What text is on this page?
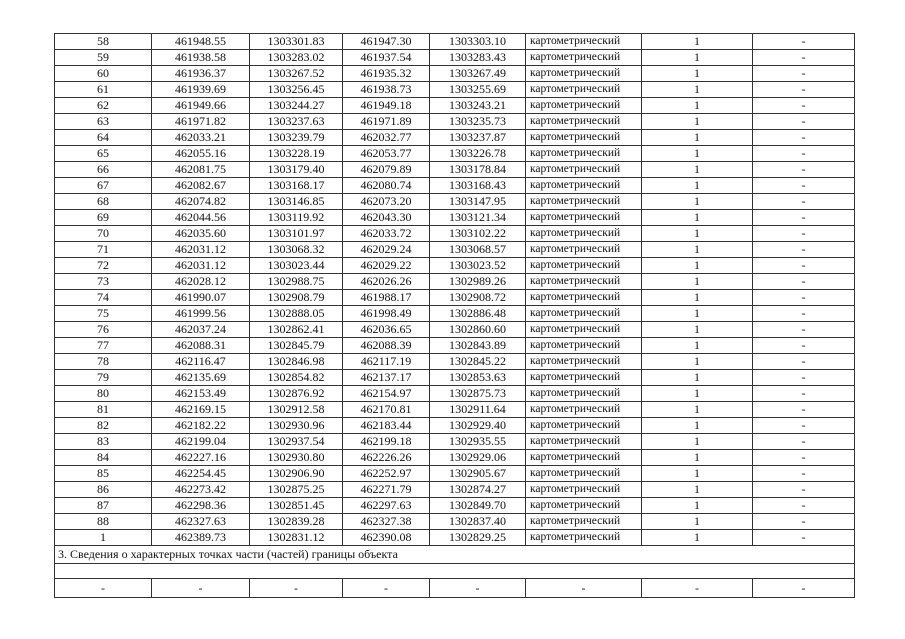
58	461948.55	1303301.83	461947.30	1303303.10	картометрический	1	-
59	461938.58	1303283.02	461937.54	1303283.43	картометрический	1	-
60	461936.37	1303267.52	461935.32	1303267.49	картометрический	1	-
61	461939.69	1303256.45	461938.73	1303255.69	картометрический	1	-
62	461949.66	1303244.27	461949.18	1303243.21	картометрический	1	-
63	461971.82	1303237.63	461971.89	1303235.73	картометрический	1	-
64	462033.21	1303239.79	462032.77	1303237.87	картометрический	1	-
65	462055.16	1303228.19	462053.77	1303226.78	картометрический	1	-
66	462081.75	1303179.40	462079.89	1303178.84	картометрический	1	-
67	462082.67	1303168.17	462080.74	1303168.43	картометрический	1	-
68	462074.82	1303146.85	462073.20	1303147.95	картометрический	1	-
69	462044.56	1303119.92	462043.30	1303121.34	картометрический	1	-
70	462035.60	1303101.97	462033.72	1303102.22	картометрический	1	-
71	462031.12	1303068.32	462029.24	1303068.57	картометрический	1	-
72	462031.12	1303023.44	462029.22	1303023.52	картометрический	1	-
73	462028.12	1302988.75	462026.26	1302989.26	картометрический	1	-
74	461990.07	1302908.79	461988.17	1302908.72	картометрический	1	-
75	461999.56	1302888.05	461998.49	1302886.48	картометрический	1	-
76	462037.24	1302862.41	462036.65	1302860.60	картометрический	1	-
77	462088.31	1302845.79	462088.39	1302843.89	картометрический	1	-
78	462116.47	1302846.98	462117.19	1302845.22	картометрический	1	-
79	462135.69	1302854.82	462137.17	1302853.63	картометрический	1	-
80	462153.49	1302876.92	462154.97	1302875.73	картометрический	1	-
81	462169.15	1302912.58	462170.81	1302911.64	картометрический	1	-
82	462182.22	1302930.96	462183.44	1302929.40	картометрический	1	-
83	462199.04	1302937.54	462199.18	1302935.55	картометрический	1	-
84	462227.16	1302930.80	462226.26	1302929.06	картометрический	1	-
85	462254.45	1302906.90	462252.97	1302905.67	картометрический	1	-
86	462273.42	1302875.25	462271.79	1302874.27	картометрический	1	-
87	462298.36	1302851.45	462297.63	1302849.70	картометрический	1	-
88	462327.63	1302839.28	462327.38	1302837.40	картометрический	1	-
1	462389.73	1302831.12	462390.08	1302829.25	картометрический	1	-
3. Сведения о характерных точках части (частей) границы объекта							

-	-	-	-	-	-	-	-
